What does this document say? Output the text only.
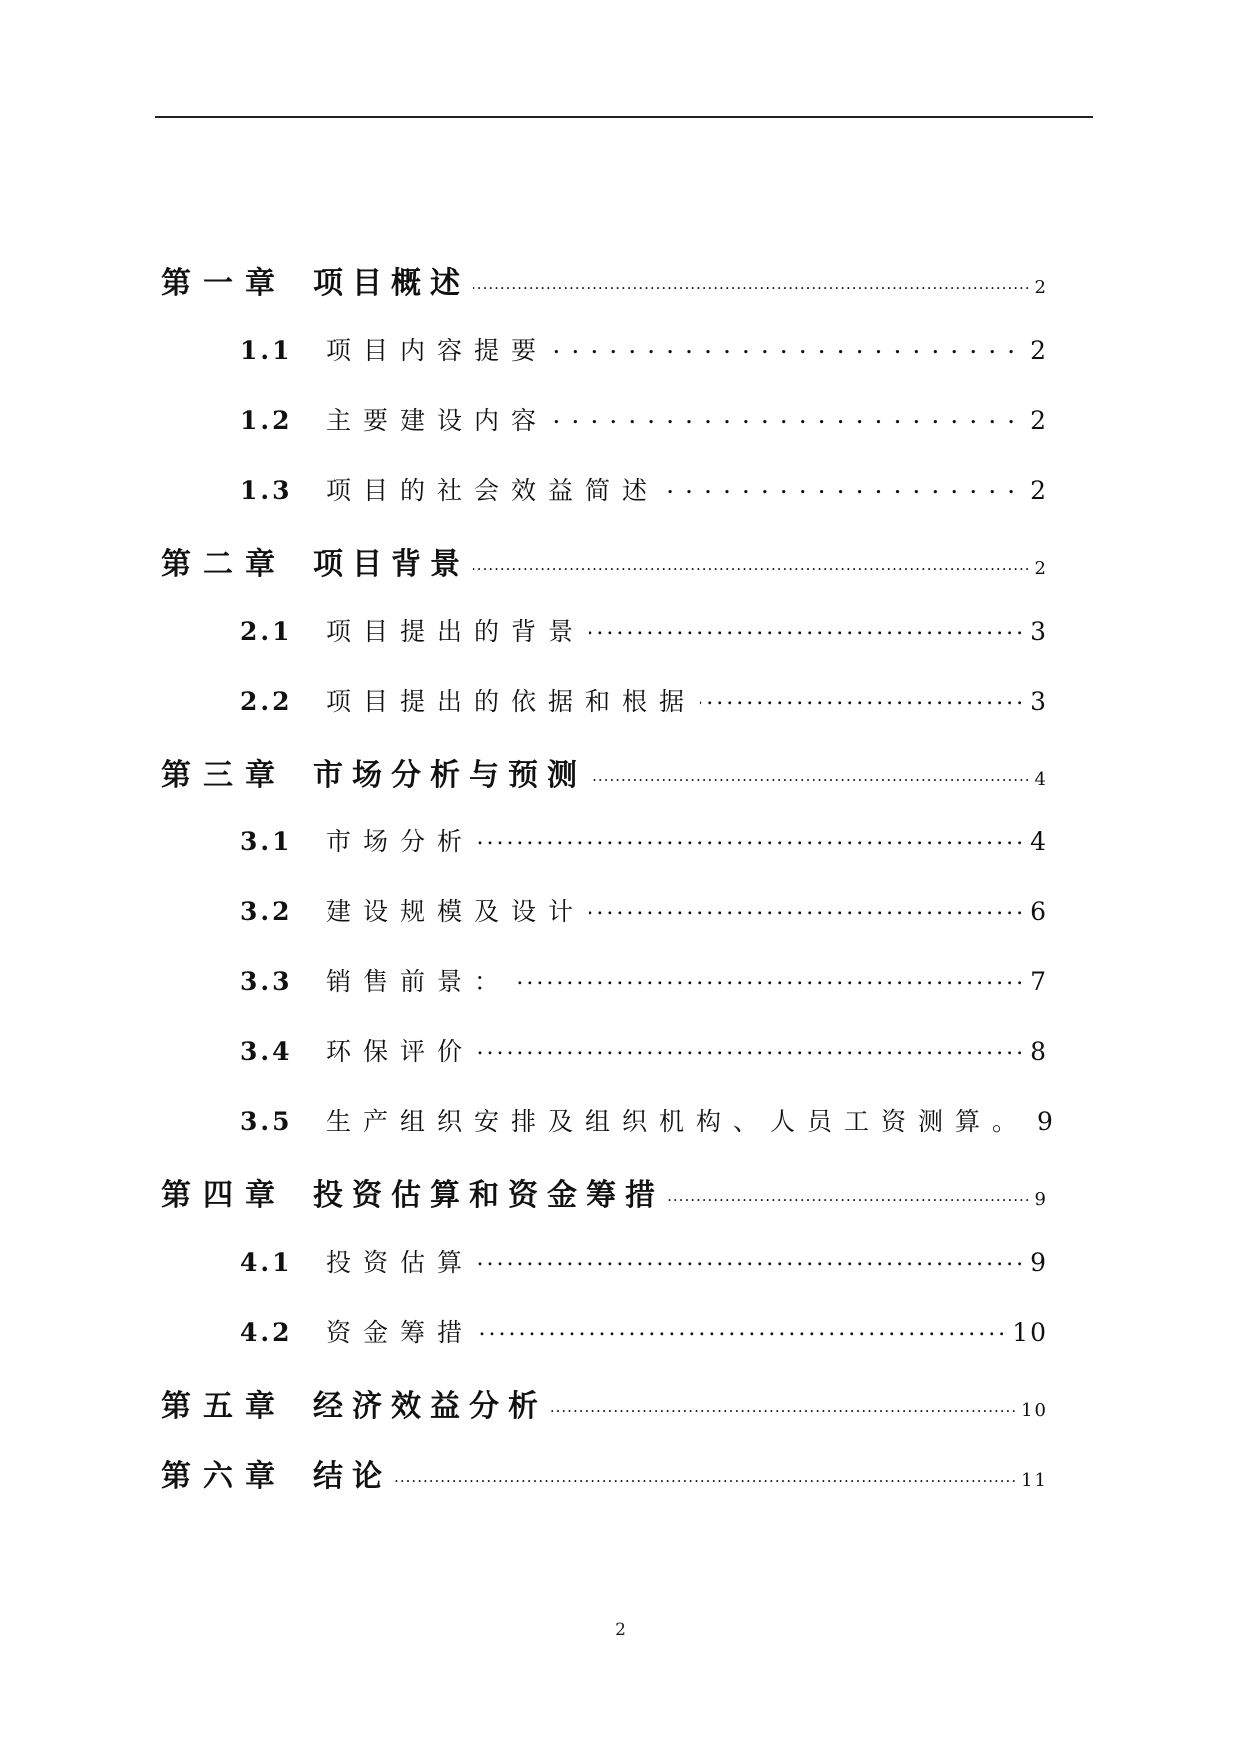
第一章 项目概述 .....	2
1.1	项目内容提要 .....	2
1.2	主要建设内容 .....	2
1.3	项目的社会效益简述 .....	2
第二章 项目背景 .....	2
2.1	项目提出的背景 .....	3
2.2	项目提出的依据和根据 .....	3
第三章 市场分析与预测 .....	4
3.1	市场分析 .....	4
3.2	建设规模及设计 .....	6
3.3	销售前景： .....	7
3.4	环保评价 .....	8
3.5	生产组织安排及组织机构、人员工资测算。 9
第四章 投资估算和资金筹措 .....	9
4.1	投资估算 .....	9
4.2	资金筹措 .....	10
第五章 经济效益分析 .....	10
第六章 结论 .....	11
2
